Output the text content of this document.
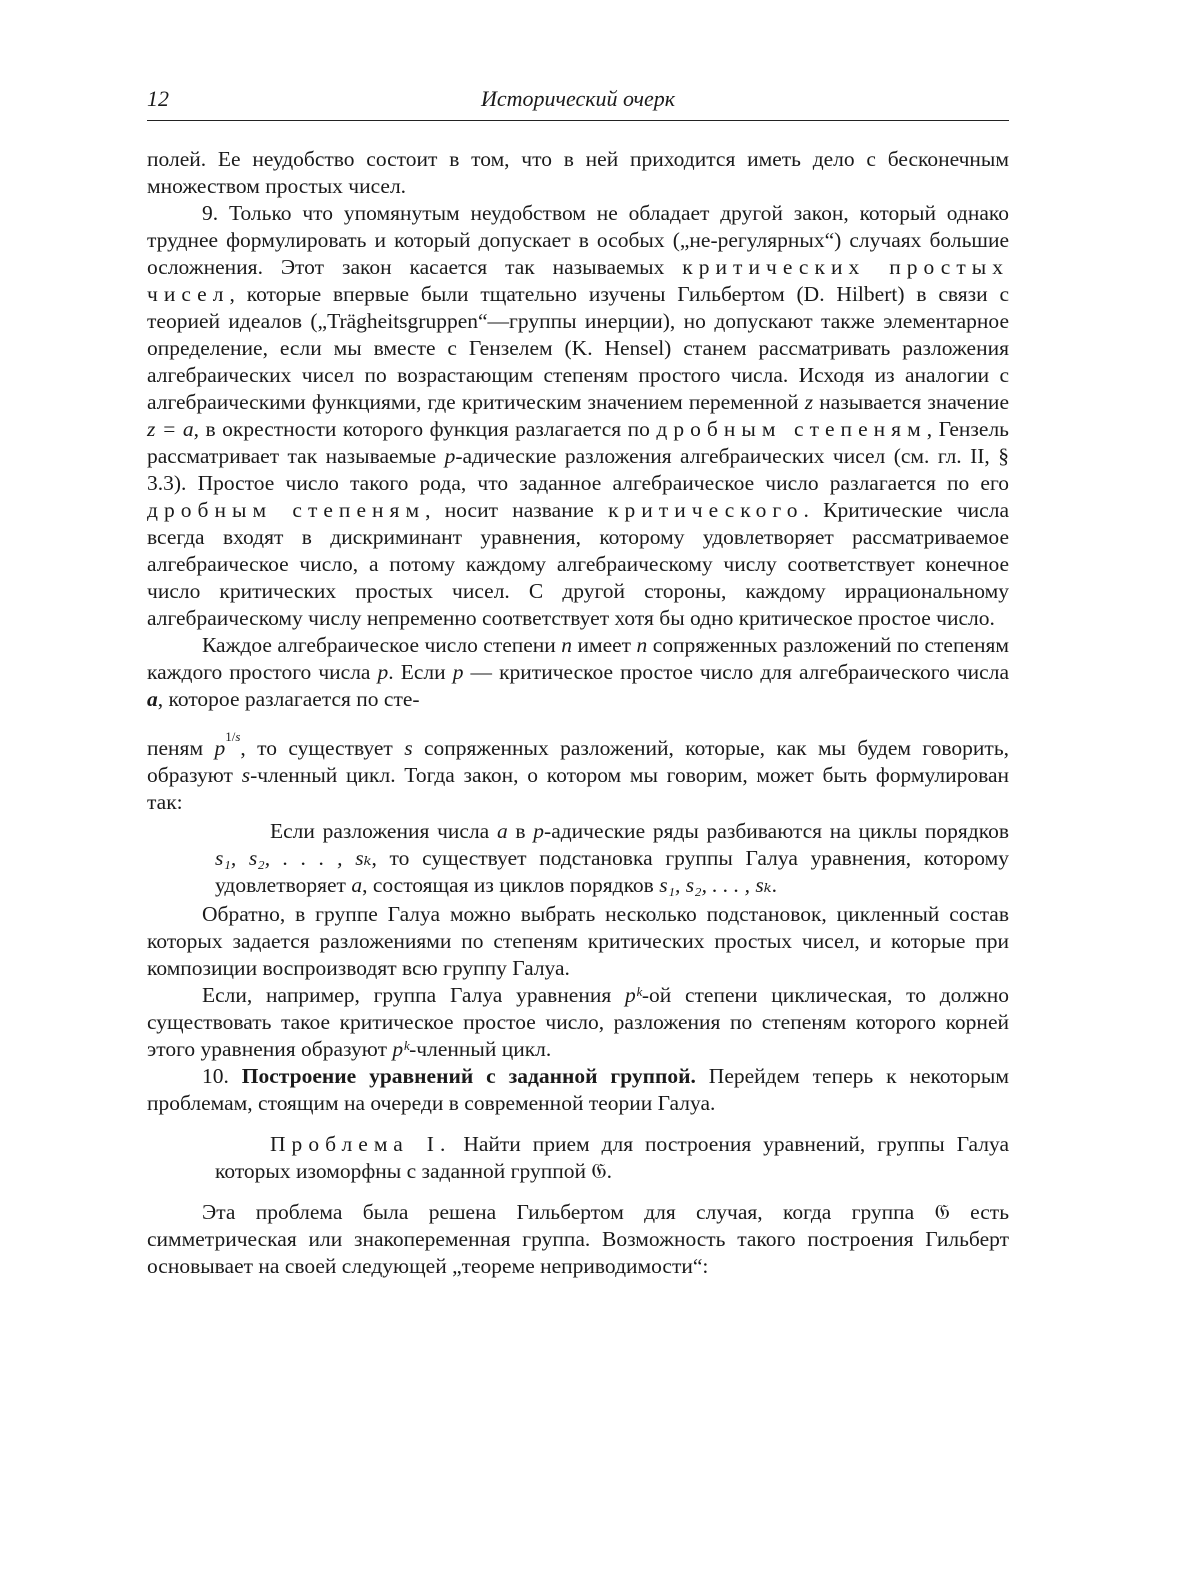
12	Исторический очерк

полей. Ее неудобство состоит в том, что в ней приходится иметь дело с бесконечным множеством простых чисел.

9. Только что упомянутым неудобством не обладает другой закон, который однако труднее формулировать и который допускает в особых („не-регулярных“) случаях большие осложнения. Этот закон касается так называемых критических простых чисел, которые впервые были тщательно изучены Гильбертом (D. Hilbert) в связи с теорией идеалов („Trägheitsgruppen“—группы инерции), но допускают также элементарное определение, если мы вместе с Гензелем (K. Hensel) станем рассматривать разложения алгебраических чисел по возрастающим степеням простого числа. Исходя из аналогии с алгебраическими функциями, где критическим значением переменной z называется значение z = a, в окрестности которого функция разлагается по дробным степеням, Гензель рассматривает так называемые p-адические разложения алгебраических чисел (см. гл. II, § 3.3). Простое число такого рода, что заданное алгебраическое число разлагается по его дробным степеням, носит название критического. Критические числа всегда входят в дискриминант уравнения, которому удовлетворяет рассматриваемое алгебраическое число, а потому каждому алгебраическому числу соответствует конечное число критических простых чисел. С другой стороны, каждому иррациональному алгебраическому числу непременно соответствует хотя бы одно критическое простое число.

Каждое алгебраическое число степени n имеет n сопряженных разложений по степеням каждого простого числа p. Если p — критическое простое число для алгебраического числа a, которое разлагается по сте-

пеням $p^{1/s}$, то существует s сопряженных разложений, которые, как мы будем говорить, образуют s-членный цикл. Тогда закон, о котором мы говорим, может быть формулирован так:

Если разложения числа a в p-адические ряды разбиваются на циклы порядков s₁, s₂, . . . , sₖ, то существует подстановка группы Галуа уравнения, которому удовлетворяет a, состоящая из циклов порядков s₁, s₂, . . . , sₖ.

Обратно, в группе Галуа можно выбрать несколько подстановок, цикленный состав которых задается разложениями по степеням критических простых чисел, и которые при композиции воспроизводят всю группу Галуа.

Если, например, группа Галуа уравнения pᵏ-ой степени циклическая, то должно существовать такое критическое простое число, разложения по степеням которого корней этого уравнения образуют pᵏ-членный цикл.

10. Построение уравнений с заданной группой. Перейдем теперь к некоторым проблемам, стоящим на очереди в современной теории Галуа.

Проблема I. Найти прием для построения уравнений, группы Галуа которых изоморфны с заданной группой 𝔊.

Эта проблема была решена Гильбертом для случая, когда группа 𝔊 есть симметрическая или знакопеременная группа. Возможность такого построения Гильберт основывает на своей следующей „теореме неприводимости“:
